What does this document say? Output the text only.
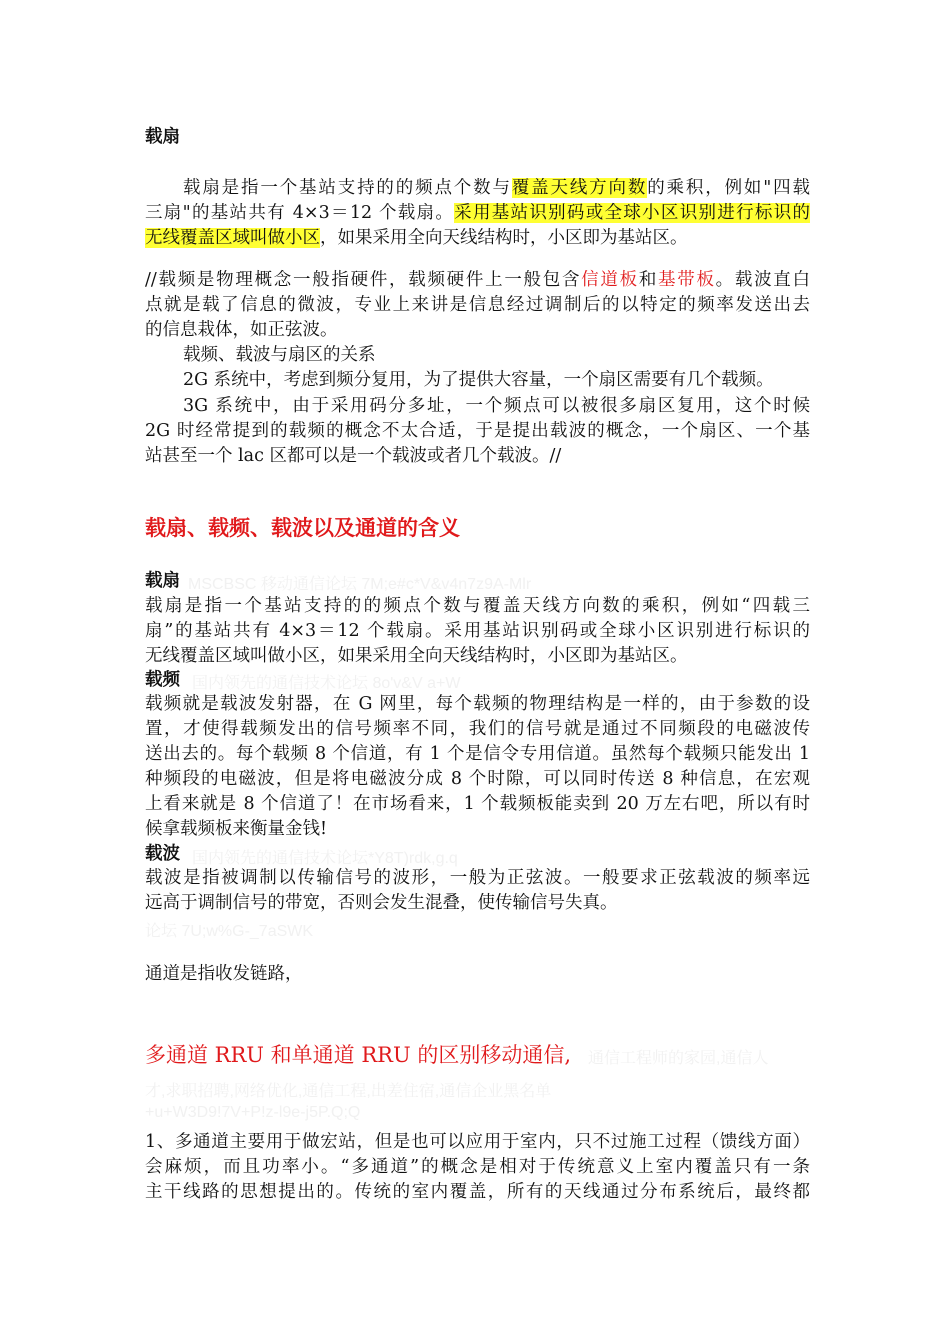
载扇

载扇是指一个基站支持的的频点个数与覆盖天线方向数的乘积，例如"四载

三扇"的基站共有 4×3＝12 个载扇。采用基站识别码或全球小区识别进行标识的

无线覆盖区域叫做小区，如果采用全向天线结构时，小区即为基站区。

//载频是物理概念一般指硬件，载频硬件上一般包含信道板和基带板。载波直白

点就是载了信息的微波，专业上来讲是信息经过调制后的以特定的频率发送出去

的信息栽体，如正弦波。

载频、载波与扇区的关系

2G 系统中，考虑到频分复用，为了提供大容量，一个扇区需要有几个载频。

3G 系统中，由于采用码分多址，一个频点可以被很多扇区复用，这个时候

2G 时经常提到的载频的概念不太合适，于是提出载波的概念，一个扇区、一个基

站甚至一个 lac 区都可以是一个载波或者几个载波。//

载扇、载频、载波以及通道的含义

MSCBSC 移动通信论坛 7M;e#c*V&v4n7z9A-Mlr

载扇

载扇是指一个基站支持的的频点个数与覆盖天线方向数的乘积，例如“四载三

扇”的基站共有 4×3＝12 个载扇。采用基站识别码或全球小区识别进行标识的

无线覆盖区域叫做小区，如果采用全向天线结构时，小区即为基站区。

国内领先的通信技术论坛 8o'v&V a+W

载频

载频就是载波发射器，在 G 网里，每个载频的物理结构是一样的，由于参数的设

置，才使得载频发出的信号频率不同，我们的信号就是通过不同频段的电磁波传

送出去的。每个载频 8 个信道，有 1 个是信令专用信道。虽然每个载频只能发出 1

种频段的电磁波，但是将电磁波分成 8 个时隙，可以同时传送 8 种信息，在宏观

上看来就是 8 个信道了！在市场看来，1 个载频板能卖到 20 万左右吧，所以有时

候拿载频板来衡量金钱!

国内领先的通信技术论坛*Y8T)rdk,g.q

载波

载波是指被调制以传输信号的波形，一般为正弦波。一般要求正弦载波的频率远

远高于调制信号的带宽，否则会发生混叠，使传输信号失真。

论坛 7U;w%G-_7aSWK

通道是指收发链路，

多通道 RRU 和单通道 RRU 的区别移动通信,	通信工程师的家园,通信人

才,求职招聘,网络优化,通信工程,出差住宿,通信企业黑名单

+u+W3D9!7V+P!z-l9e-j5P.Q;Q

1、多通道主要用于做宏站，但是也可以应用于室内，只不过施工过程（馈线方面）

会麻烦，而且功率小。“多通道”的概念是相对于传统意义上室内覆盖只有一条

主干线路的思想提出的。传统的室内覆盖，所有的天线通过分布系统后，最终都
